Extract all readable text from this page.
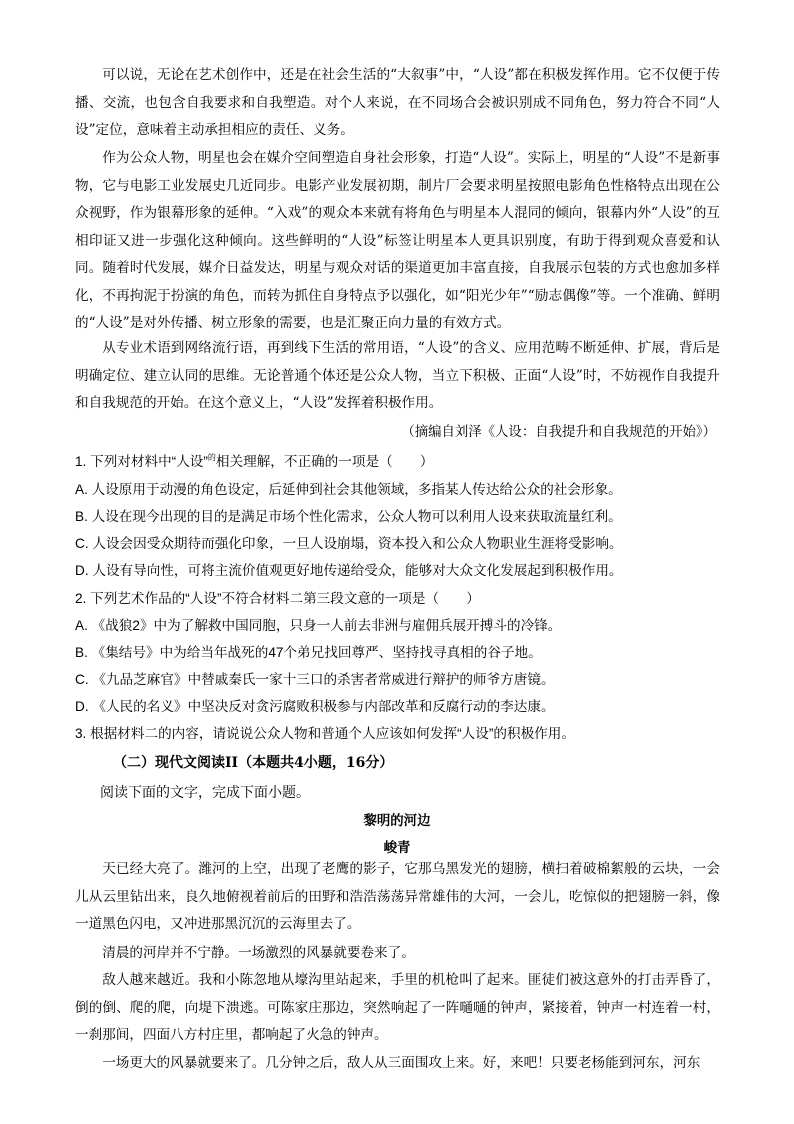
可以说，无论在艺术创作中，还是在社会生活的“大叙事”中，“人设”都在积极发挥作用。它不仅便于传播、交流，也包含自我要求和自我塑造。对个人来说，在不同场合会被识别成不同角色，努力符合不同“人设”定位，意味着主动承担相应的责任、义务。

作为公众人物，明星也会在媒介空间塑造自身社会形象，打造“人设”。实际上，明星的“人设”不是新事物，它与电影工业发展史几近同步。电影产业发展初期，制片厂会要求明星按照电影角色性格特点出现在公众视野，作为银幕形象的延伸。“入戏”的观众本来就有将角色与明星本人混同的倾向，银幕内外“人设”的互相印证又进一步强化这种倾向。这些鲜明的“人设”标签让明星本人更具识别度，有助于得到观众喜爱和认同。随着时代发展，媒介日益发达，明星与观众对话的渠道更加丰富直接，自我展示包装的方式也愈加多样化，不再拘泥于扮演的角色，而转为抓住自身特点予以强化，如“阳光少年”“励志偶像”等。一个准确、鲜明的“人设”是对外传播、树立形象的需要，也是汇聚正向力量的有效方式。

从专业术语到网络流行语，再到线下生活的常用语，“人设”的含义、应用范畴不断延伸、扩展，背后是明确定位、建立认同的思维。无论普通个体还是公众人物，当立下积极、正面“人设”时，不妨视作自我提升和自我规范的开始。在这个意义上，“人设”发挥着积极作用。

（摘编自刘泽《人设：自我提升和自我规范的开始》）
1. 下列对材料中“人设”$^的$相关理解，不正确的一项是（　　）
A. 人设原用于动漫的角色设定，后延伸到社会其他领域，多指某人传达给公众的社会形象。
B. 人设在现今出现的目的是满足市场个性化需求，公众人物可以利用人设来获取流量红利。
C. 人设会因受众期待而强化印象，一旦人设崩塌，资本投入和公众人物职业生涯将受影响。
D. 人设有导向性，可将主流价值观更好地传递给受众，能够对大众文化发展起到积极作用。
2. 下列艺术作品的“人设”不符合材料二第三段文意的一项是（　　）
A. 《战狼2》中为了解救中国同胞，只身一人前去非洲与雇佣兵展开搏斗的冷锋。
B. 《集结号》中为给当年战死的47个弟兄找回尊严、坚持找寻真相的谷子地。
C. 《九品芝麻官》中替戚秦氏一家十三口的杀害者常威进行辩护的师爷方唐镜。
D. 《人民的名义》中坚决反对贪污腐败积极参与内部改革和反腐行动的李达康。
3. 根据材料二的内容，请说说公众人物和普通个人应该如何发挥“人设”的积极作用。
（二）现代文阅读II（本题共4小题，16分）
阅读下面的文字，完成下面小题。
黎明的河边
峻青

天已经大亮了。潍河的上空，出现了老鹰的影子，它那乌黑发光的翅膀，横扫着破棉絮般的云块，一会儿从云里钻出来，良久地俯视着前后的田野和浩浩荡荡异常雄伟的大河，一会儿，吃惊似的把翅膀一斜，像一道黑色闪电，又冲进那黑沉沉的云海里去了。

清晨的河岸并不宁静。一场激烈的风暴就要卷来了。

敌人越来越近。我和小陈忽地从壕沟里站起来，手里的机枪叫了起来。匪徒们被这意外的打击弄昏了，倒的倒、爬的爬，向堤下溃逃。可陈家庄那边，突然响起了一阵嗵嗵的钟声，紧接着，钟声一村连着一村，一刹那间，四面八方村庄里，都响起了火急的钟声。

一场更大的风暴就要来了。几分钟之后，敌人从三面围攻上来。好，来吧！只要老杨能到河东，河东
